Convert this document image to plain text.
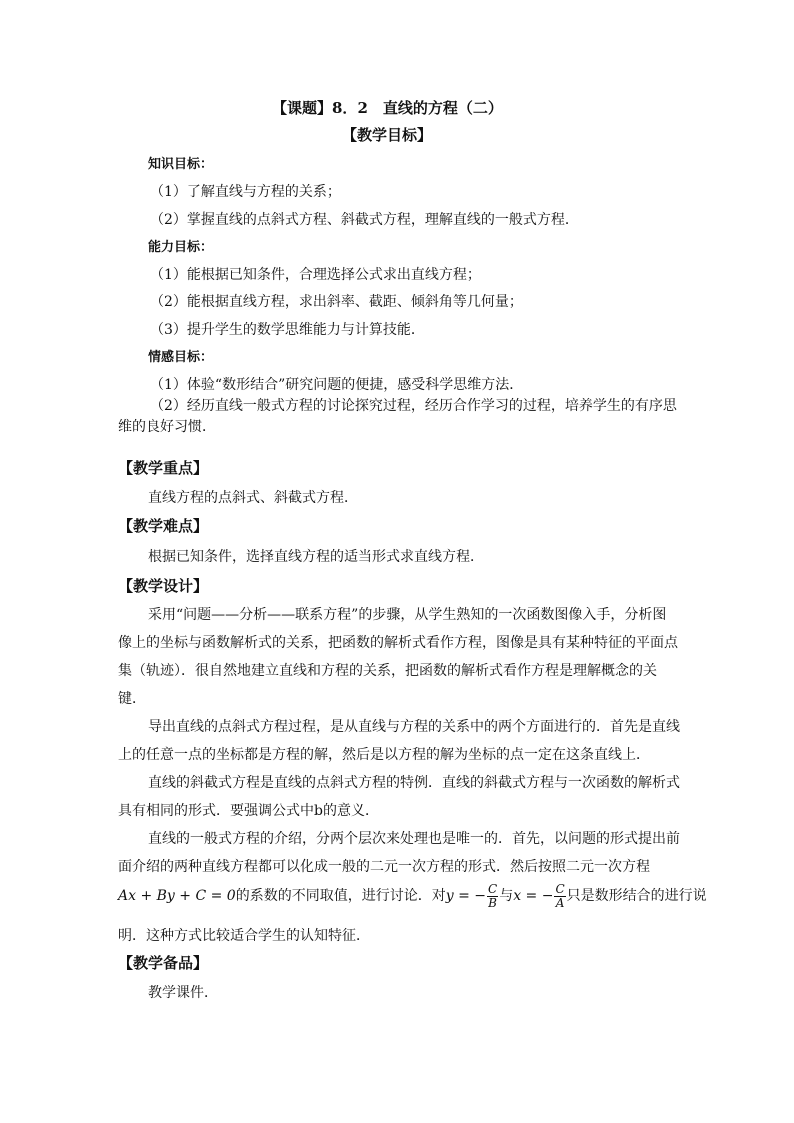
【课题】8．2　直线的方程（二）
【教学目标】
知识目标：
（1）了解直线与方程的关系；
（2）掌握直线的点斜式方程、斜截式方程，理解直线的一般式方程．
能力目标：
（1）能根据已知条件，合理选择公式求出直线方程；
（2）能根据直线方程，求出斜率、截距、倾斜角等几何量；
（3）提升学生的数学思维能力与计算技能．
情感目标：
（1）体验“数形结合”研究问题的便捷，感受科学思维方法．
（2）经历直线一般式方程的讨论探究过程，经历合作学习的过程，培养学生的有序思
维的良好习惯．
【教学重点】
直线方程的点斜式、斜截式方程．
【教学难点】
根据已知条件，选择直线方程的适当形式求直线方程．
【教学设计】
采用“问题——分析——联系方程”的步骤，从学生熟知的一次函数图像入手，分析图
像上的坐标与函数解析式的关系，把函数的解析式看作方程，图像是具有某种特征的平面点
集（轨迹）．很自然地建立直线和方程的关系，把函数的解析式看作方程是理解概念的关
键．
导出直线的点斜式方程过程，是从直线与方程的关系中的两个方面进行的．首先是直线
上的任意一点的坐标都是方程的解，然后是以方程的解为坐标的点一定在这条直线上．
直线的斜截式方程是直线的点斜式方程的特例．直线的斜截式方程与一次函数的解析式
具有相同的形式．要强调公式中b的意义．
直线的一般式方程的介绍，分两个层次来处理也是唯一的．首先，以问题的形式提出前
面介绍的两种直线方程都可以化成一般的二元一次方程的形式．然后按照二元一次方程
Ax + By + C = 0的系数的不同取值，进行讨论．对y = − $\frac{C}{B}$ 与x = − $\frac{C}{A}$ 只是数形结合的进行说
明．这种方式比较适合学生的认知特征．
【教学备品】
教学课件．
